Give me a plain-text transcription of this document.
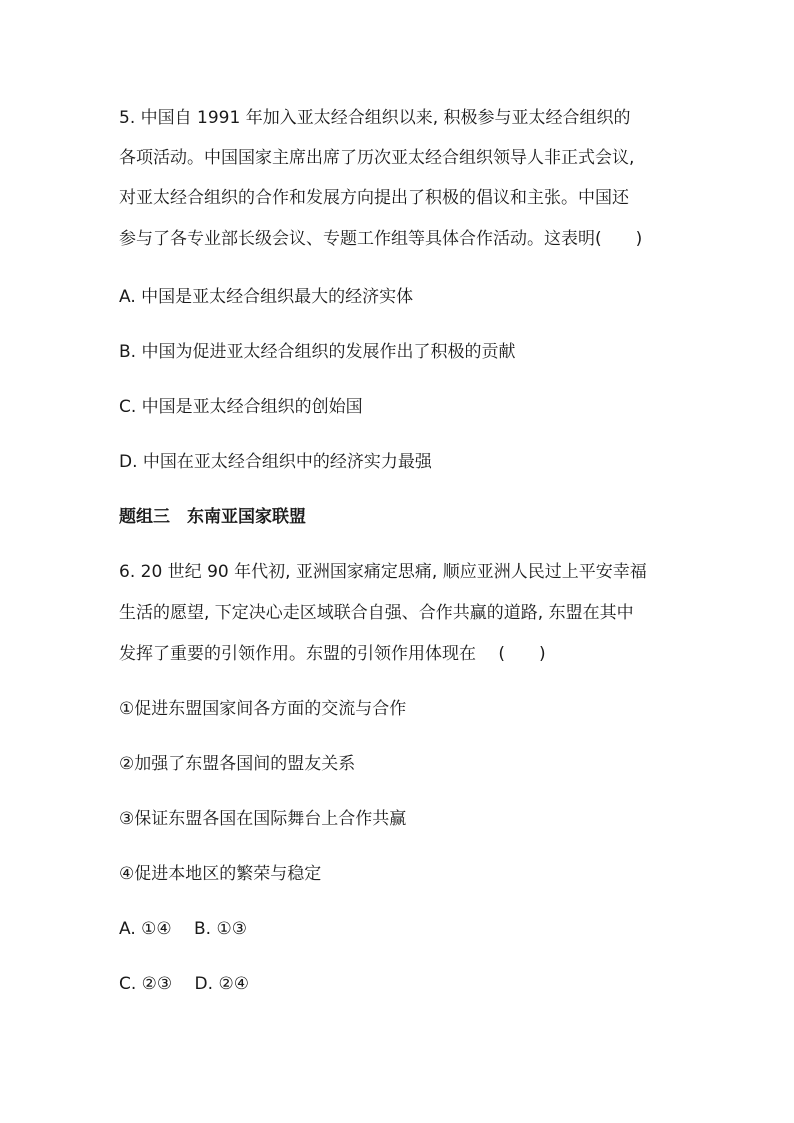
5. 中国自 1991 年加入亚太经合组织以来, 积极参与亚太经合组织的
各项活动。中国国家主席出席了历次亚太经合组织领导人非正式会议,
对亚太经合组织的合作和发展方向提出了积极的倡议和主张。中国还
参与了各专业部长级会议、专题工作组等具体合作活动。这表明(　　)
A. 中国是亚太经合组织最大的经济实体
B. 中国为促进亚太经合组织的发展作出了积极的贡献
C. 中国是亚太经合组织的创始国
D. 中国在亚太经合组织中的经济实力最强
题组三　东南亚国家联盟
6. 20 世纪 90 年代初, 亚洲国家痛定思痛, 顺应亚洲人民过上平安幸福
生活的愿望, 下定决心走区域联合自强、合作共赢的道路, 东盟在其中
发挥了重要的引领作用。东盟的引领作用体现在　 (　　)
①促进东盟国家间各方面的交流与合作
②加强了东盟各国间的盟友关系
③保证东盟各国在国际舞台上合作共赢
④促进本地区的繁荣与稳定
A. ①④　 B. ①③
C. ②③　 D. ②④
